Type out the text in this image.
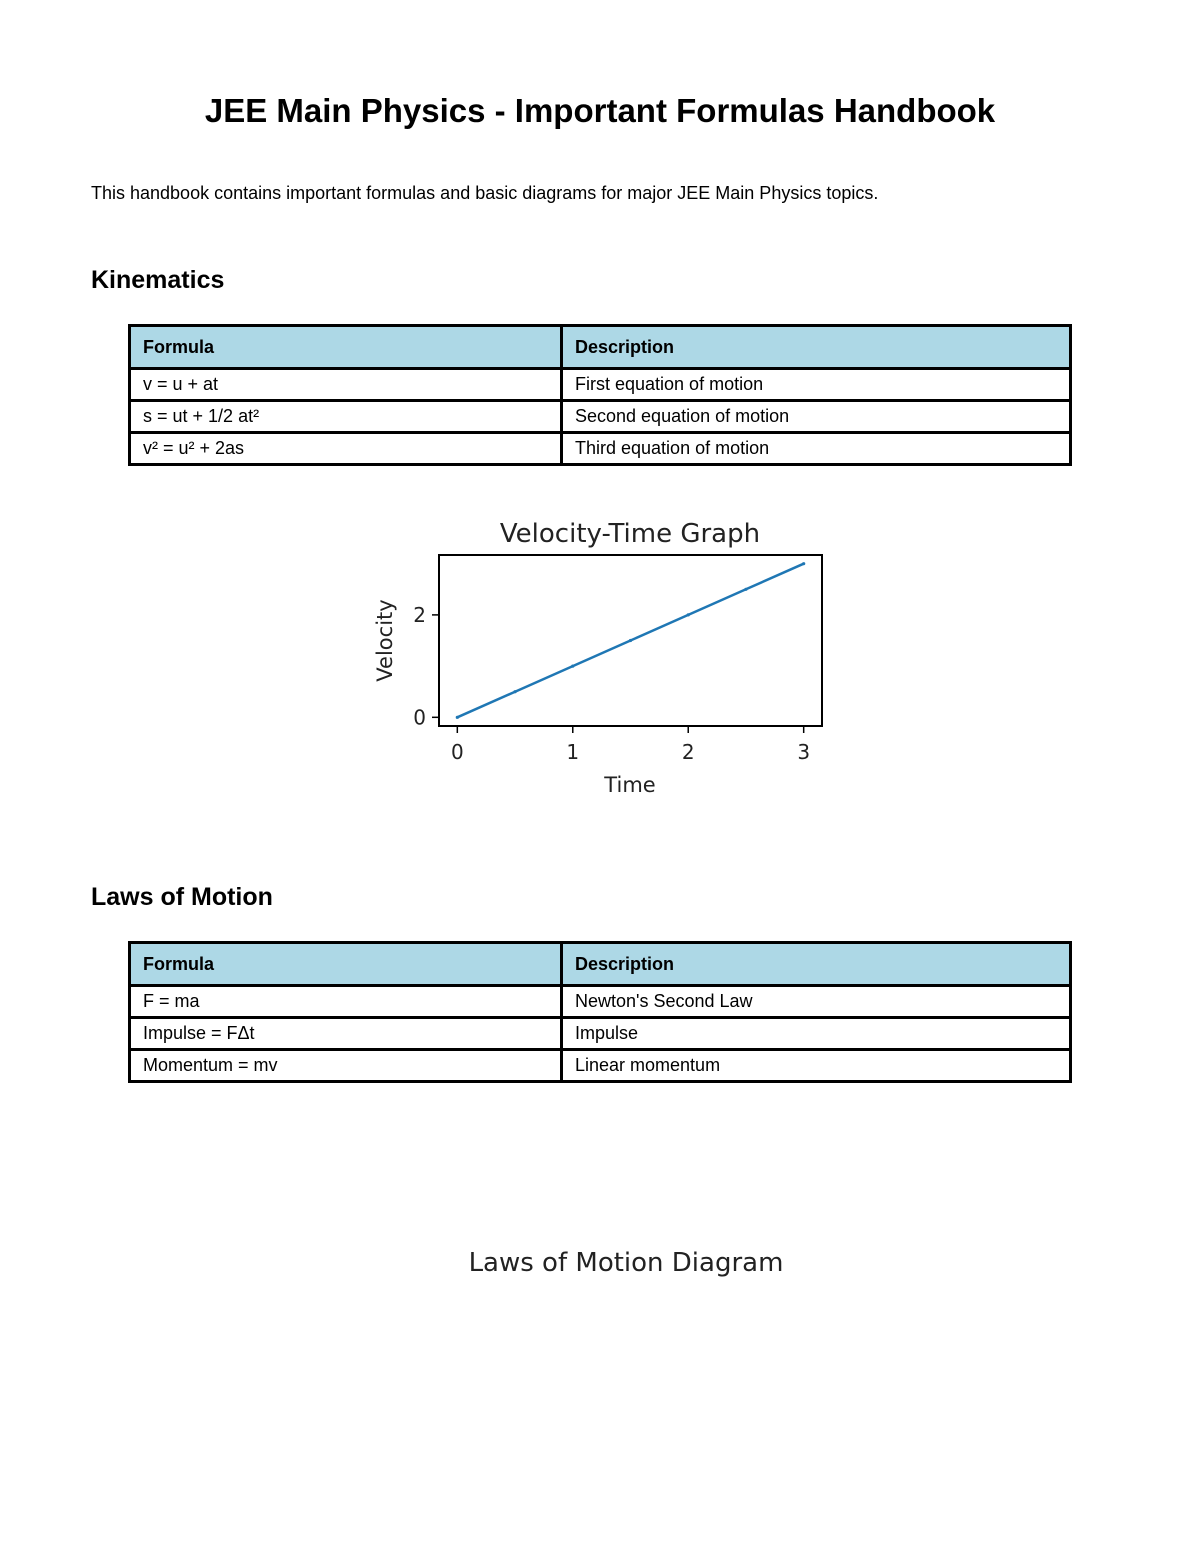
JEE Main Physics - Important Formulas Handbook

This handbook contains important formulas and basic diagrams for major JEE Main Physics topics.

Kinematics
Formula	Description
v = u + at	First equation of motion
s = ut + 1/2 at²	Second equation of motion
v² = u² + 2as	Third equation of motion
Velocity-Time Graph
Time
Velocity
0	1	2	3
0
2
Laws of Motion
Formula	Description
F = ma	Newton's Second Law
Impulse = FΔt	Impulse
Momentum = mv	Linear momentum

Laws of Motion Diagram
